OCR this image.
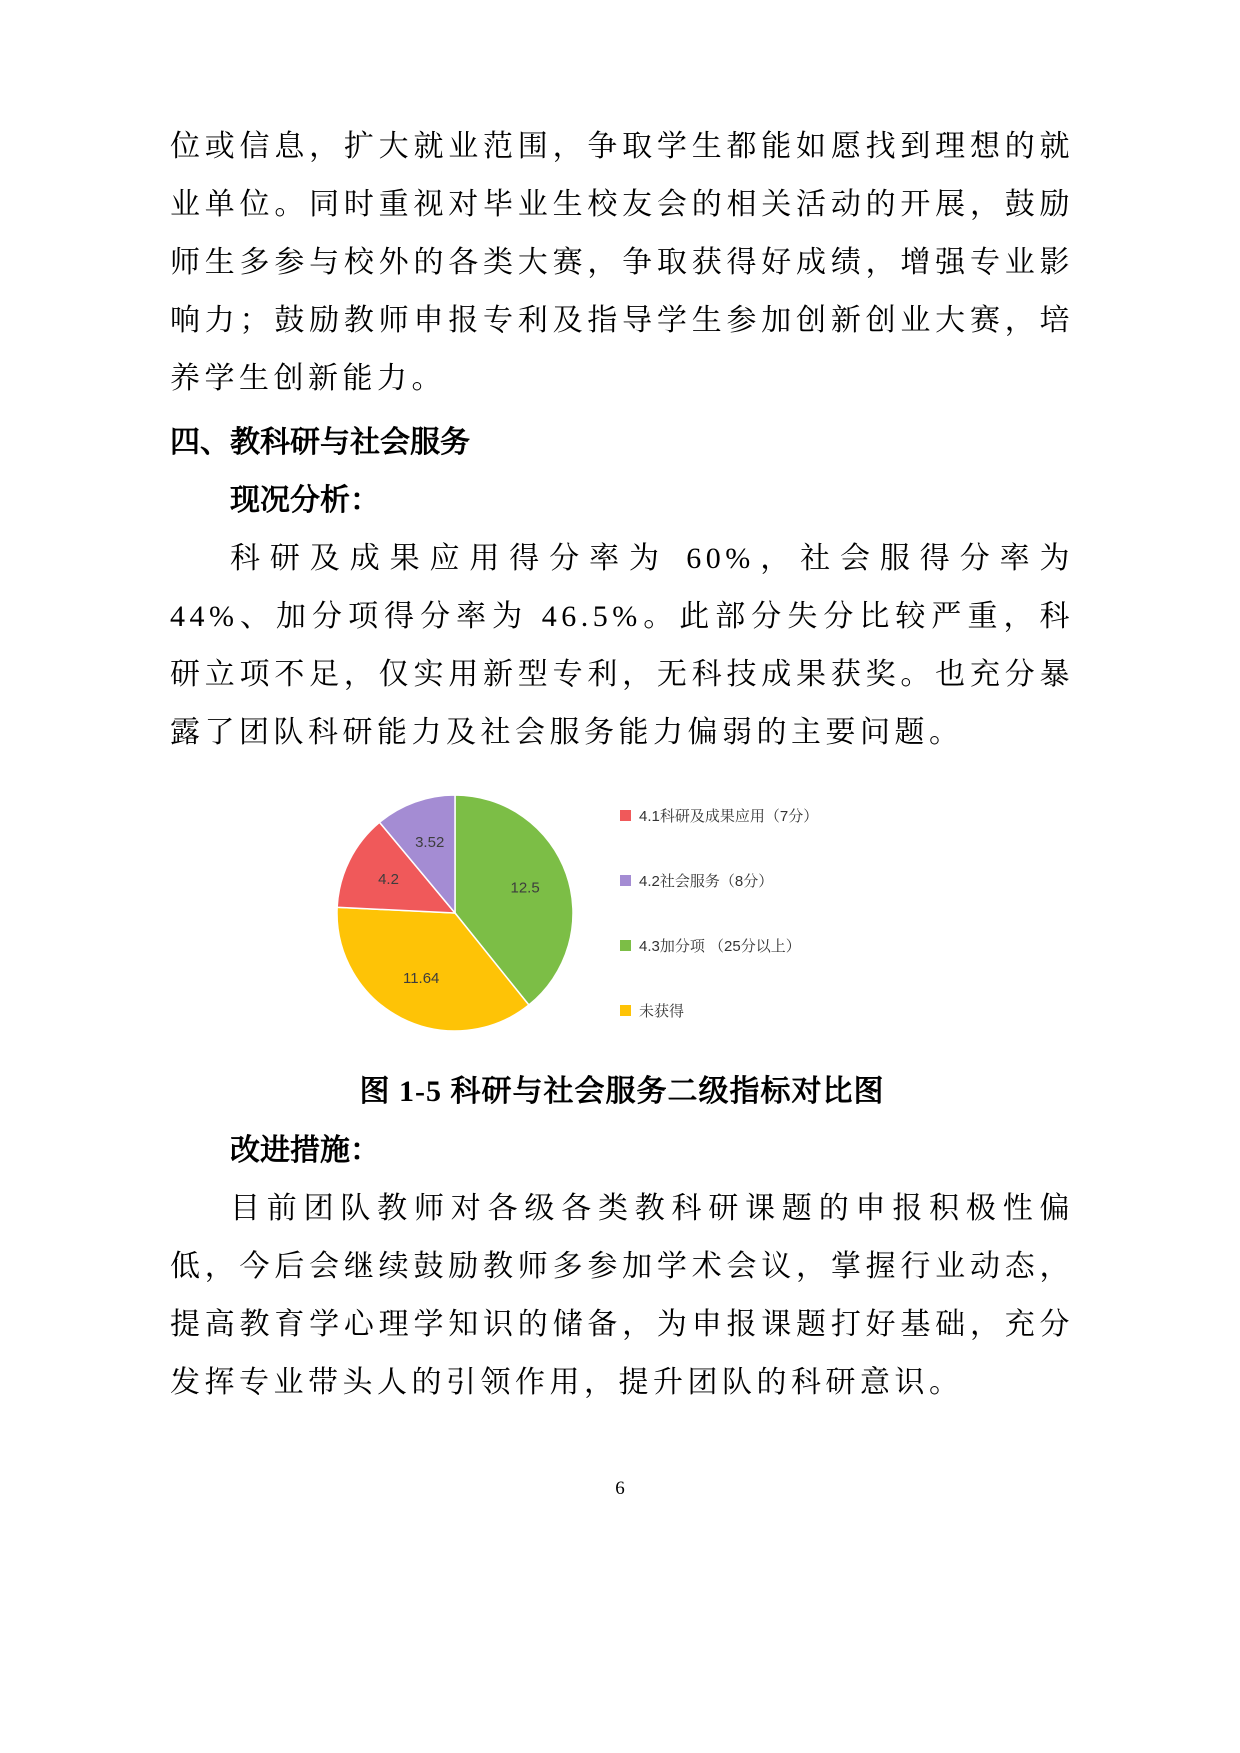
位或信息，扩大就业范围，争取学生都能如愿找到理想的就业单位。同时重视对毕业生校友会的相关活动的开展，鼓励师生多参与校外的各类大赛，争取获得好成绩，增强专业影响力；鼓励教师申报专利及指导学生参加创新创业大赛，培养学生创新能力。

四、教科研与社会服务

现况分析：

科研及成果应用得分率为 60%，社会服得分率为 44%、加分项得分率为 46.5%。此部分失分比较严重，科研立项不足，仅实用新型专利，无科技成果获奖。也充分暴露了团队科研能力及社会服务能力偏弱的主要问题。

12.5
11.64
4.2
3.52
4.1科研及成果应用（7分）
4.2社会服务（8分）
4.3加分项 （25分以上）
未获得

图 1-5 科研与社会服务二级指标对比图

改进措施：

目前团队教师对各级各类教科研课题的申报积极性偏低，今后会继续鼓励教师多参加学术会议，掌握行业动态，提高教育学心理学知识的储备，为申报课题打好基础，充分发挥专业带头人的引领作用，提升团队的科研意识。

6
